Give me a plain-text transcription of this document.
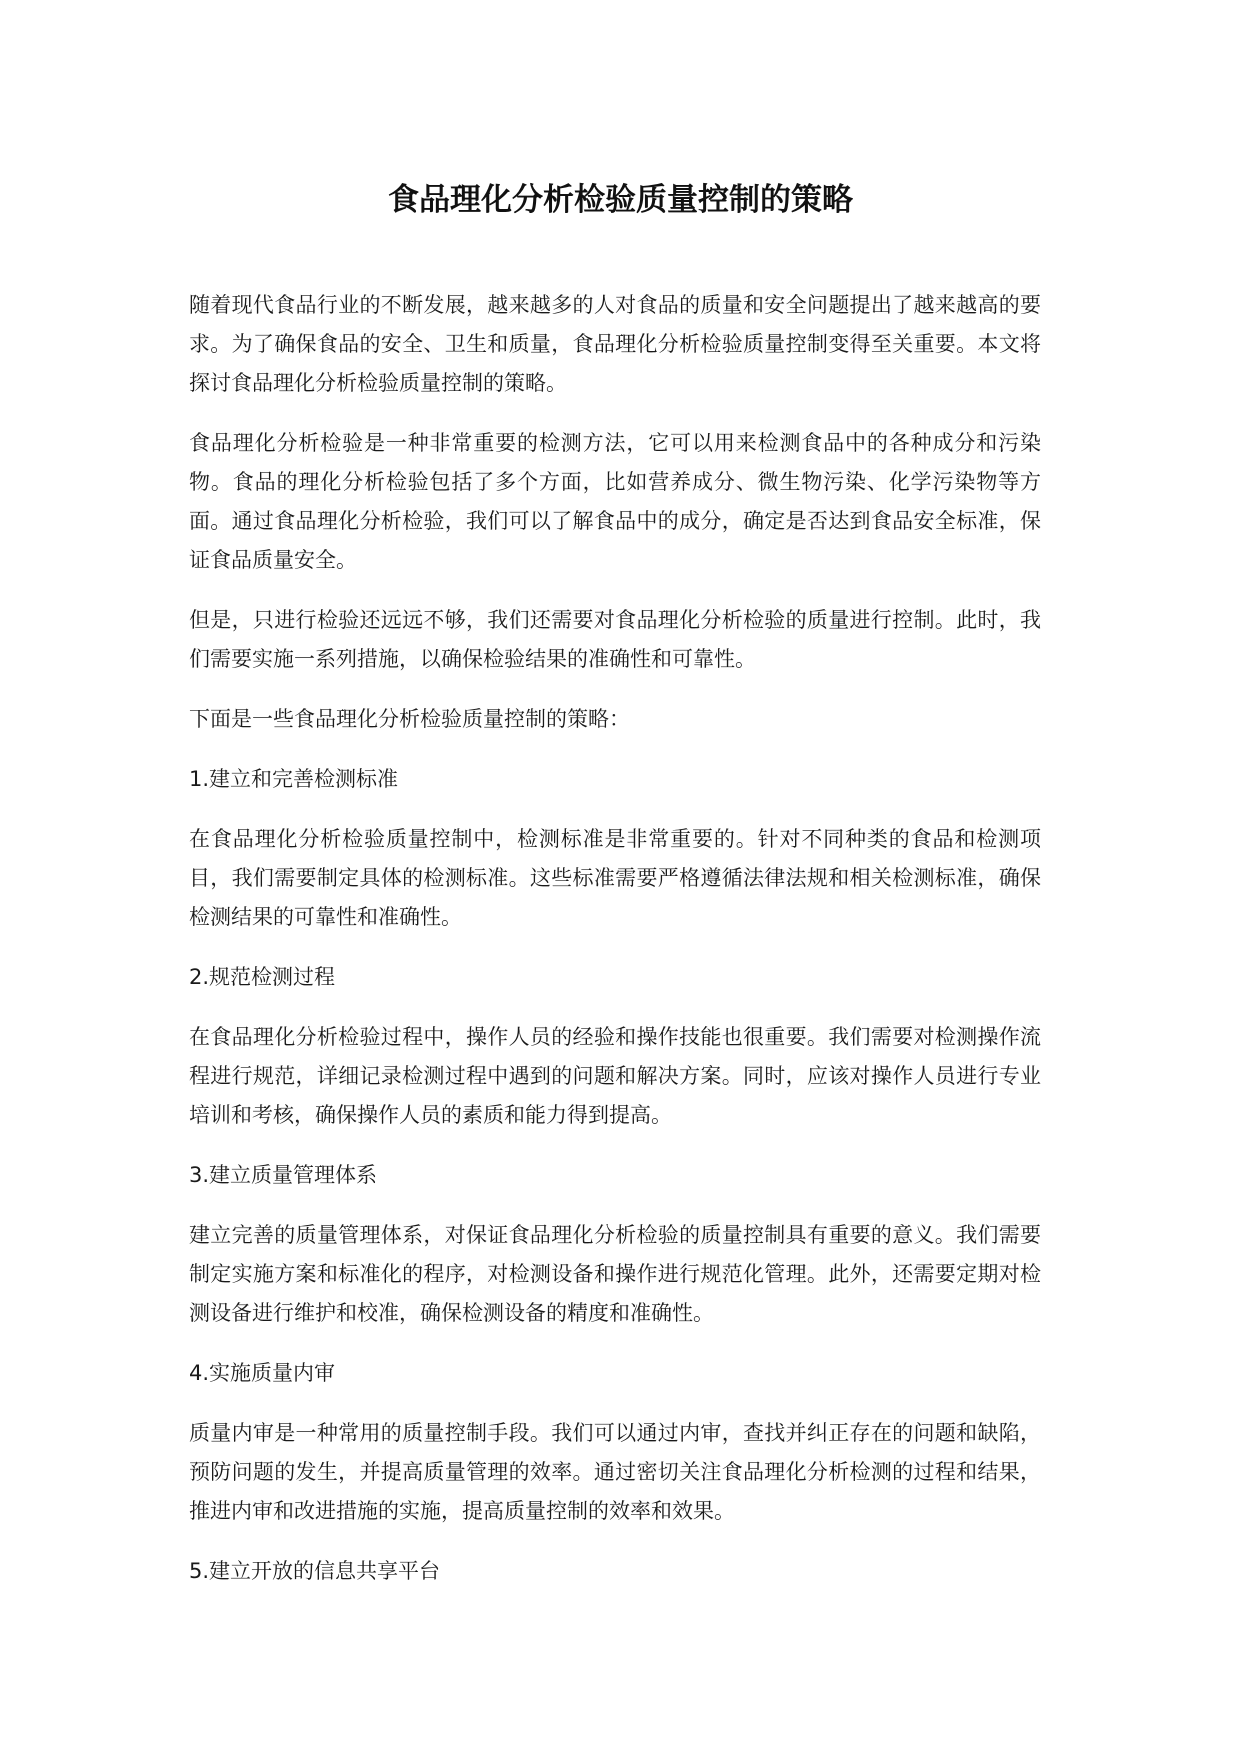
食品理化分析检验质量控制的策略

随着现代食品行业的不断发展，越来越多的人对食品的质量和安全问题提出了越来越高的要求。为了确保食品的安全、卫生和质量，食品理化分析检验质量控制变得至关重要。本文将探讨食品理化分析检验质量控制的策略。

食品理化分析检验是一种非常重要的检测方法，它可以用来检测食品中的各种成分和污染物。食品的理化分析检验包括了多个方面，比如营养成分、微生物污染、化学污染物等方面。通过食品理化分析检验，我们可以了解食品中的成分，确定是否达到食品安全标准，保证食品质量安全。

但是，只进行检验还远远不够，我们还需要对食品理化分析检验的质量进行控制。此时，我们需要实施一系列措施，以确保检验结果的准确性和可靠性。

下面是一些食品理化分析检验质量控制的策略：

1.建立和完善检测标准

在食品理化分析检验质量控制中，检测标准是非常重要的。针对不同种类的食品和检测项目，我们需要制定具体的检测标准。这些标准需要严格遵循法律法规和相关检测标准，确保检测结果的可靠性和准确性。

2.规范检测过程

在食品理化分析检验过程中，操作人员的经验和操作技能也很重要。我们需要对检测操作流程进行规范，详细记录检测过程中遇到的问题和解决方案。同时，应该对操作人员进行专业培训和考核，确保操作人员的素质和能力得到提高。

3.建立质量管理体系

建立完善的质量管理体系，对保证食品理化分析检验的质量控制具有重要的意义。我们需要制定实施方案和标准化的程序，对检测设备和操作进行规范化管理。此外，还需要定期对检测设备进行维护和校准，确保检测设备的精度和准确性。

4.实施质量内审

质量内审是一种常用的质量控制手段。我们可以通过内审，查找并纠正存在的问题和缺陷，预防问题的发生，并提高质量管理的效率。通过密切关注食品理化分析检测的过程和结果，推进内审和改进措施的实施，提高质量控制的效率和效果。

5.建立开放的信息共享平台
